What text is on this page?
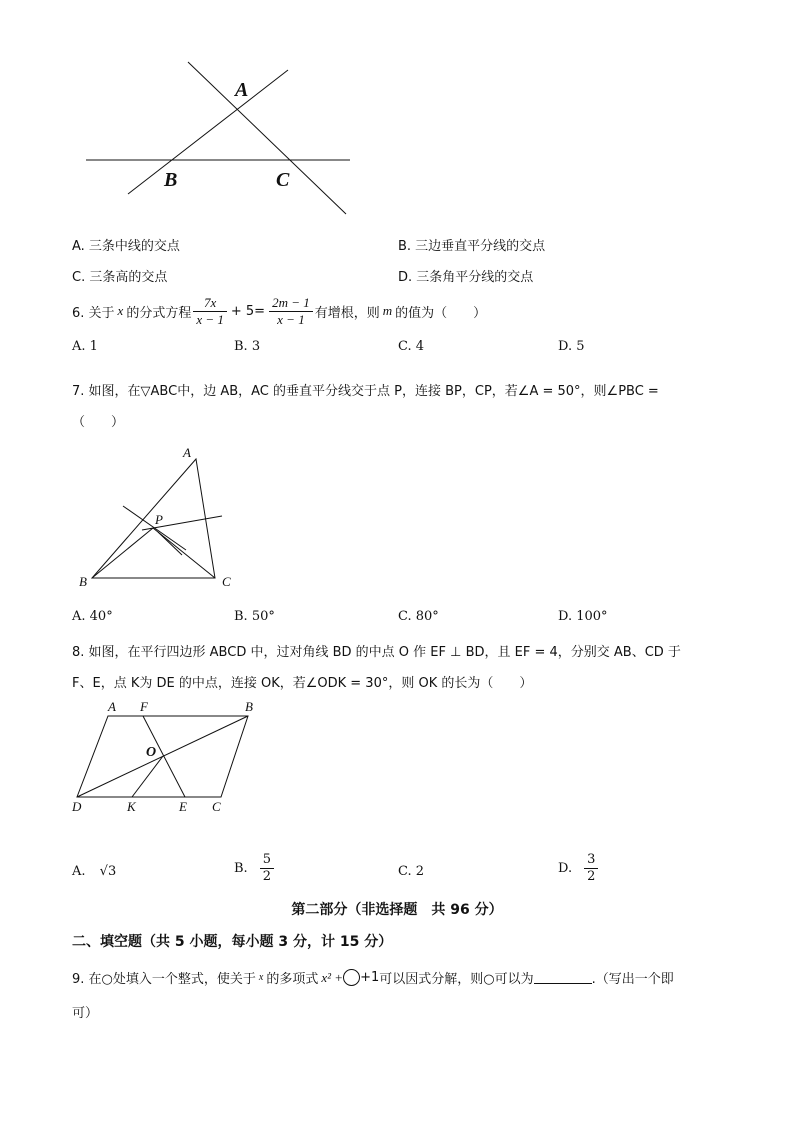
A
B	C
A. 三条中线的交点	B. 三边垂直平分线的交点
C. 三条高的交点	D. 三条角平分线的交点
6. 关于 x 的分式方程 $\frac{7x}{x - 1} + 5= \frac{2m - 1}{x - 1}$ 有增根，则 m 的值为（　　）
A. 1	B. 3	C. 4	D. 5
7. 如图，在▽ABC中，边 AB，AC 的垂直平分线交于点 P，连接 BP，CP，若∠A = 50°，则∠PBC =
（　　）
A
P
B	C
A. 40°	B. 50°	C. 80°	D. 100°
8. 如图，在平行四边形 ABCD 中，过对角线 BD 的中点 O 作 EF ⊥ BD，且 EF = 4，分别交 AB、CD 于
F、E，点 K为 DE 的中点，连接 OK，若∠ODK = 30°，则 OK 的长为（　　）
A F	B
O
D	K	E C
A. √3	B. $\frac{5}{2}$	C. 2	D. $\frac{3}{2}$
第二部分（非选择题　共 96 分）
二、填空题（共 5 小题，每小题 3 分，计 15 分）
9. 在○处填入一个整式，使关于 x 的多项式 x² + +1 可以因式分解，则○可以为	.（写出一个即
可）
